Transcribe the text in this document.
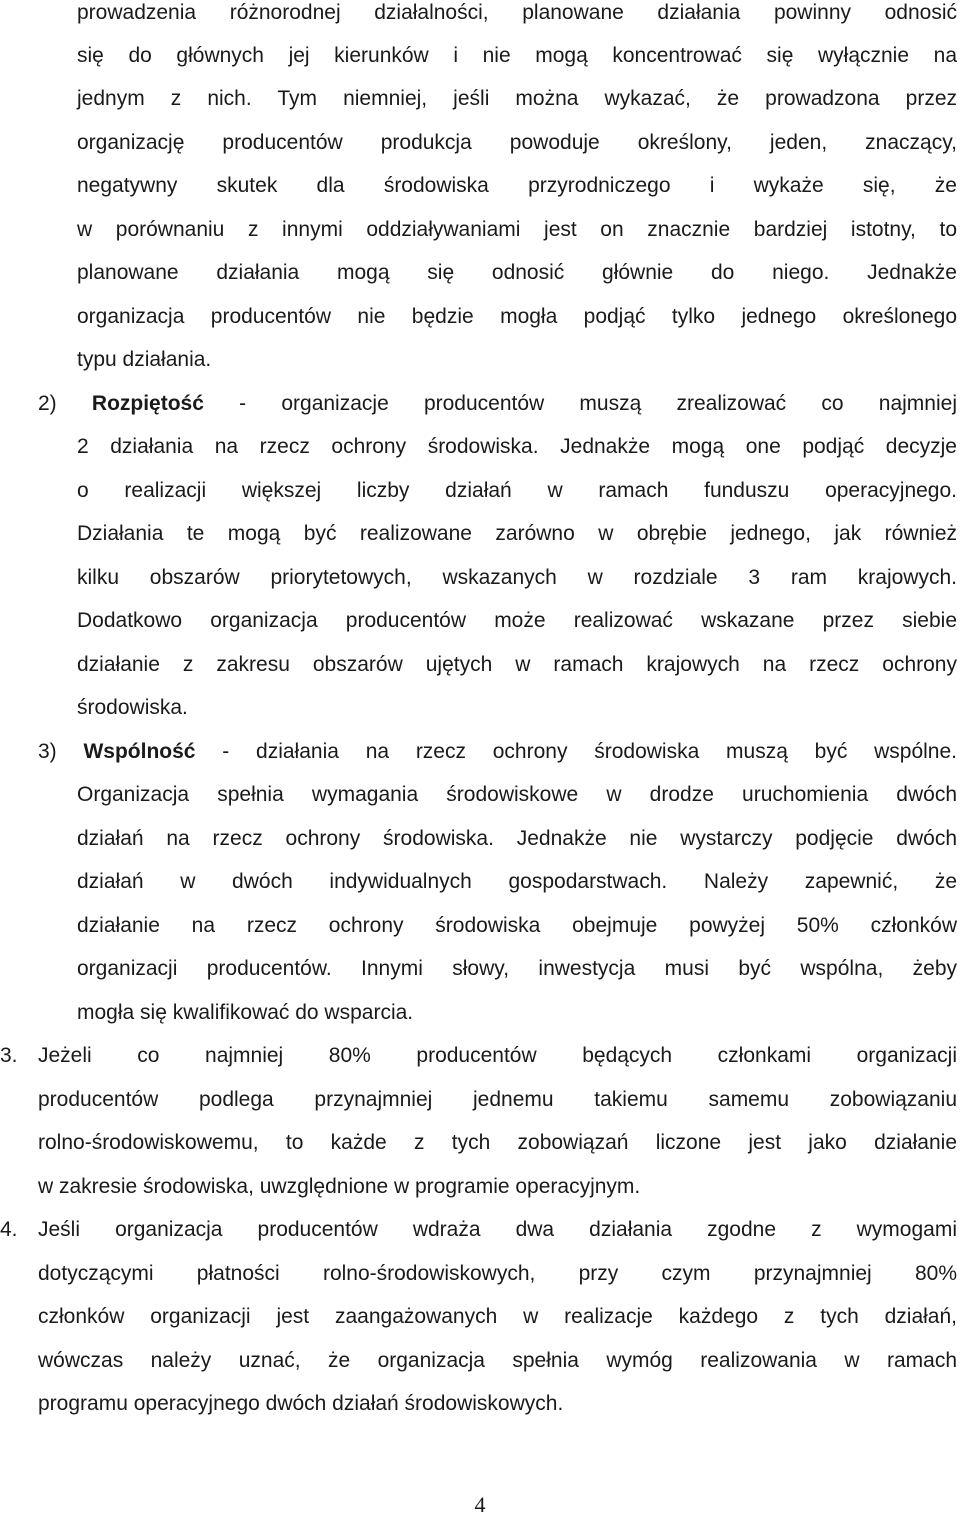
prowadzenia różnorodnej działalności, planowane działania powinny odnosić

się do głównych jej kierunków i nie mogą koncentrować się wyłącznie na

jednym z nich. Tym niemniej, jeśli można wykazać, że prowadzona przez

organizację producentów produkcja powoduje określony, jeden, znaczący,

negatywny skutek dla środowiska przyrodniczego i wykaże się, że

w porównaniu z innymi oddziaływaniami jest on znacznie bardziej istotny, to

planowane działania mogą się odnosić głównie do niego. Jednakże

organizacja producentów nie będzie mogła podjąć tylko jednego określonego

typu działania.

2) Rozpiętość - organizacje producentów muszą zrealizować co najmniej

2 działania na rzecz ochrony środowiska. Jednakże mogą one podjąć decyzje

o realizacji większej liczby działań w ramach funduszu operacyjnego.

Działania te mogą być realizowane zarówno w obrębie jednego, jak również

kilku obszarów priorytetowych, wskazanych w rozdziale 3 ram krajowych.

Dodatkowo organizacja producentów może realizować wskazane przez siebie

działanie z zakresu obszarów ujętych w ramach krajowych na rzecz ochrony

środowiska.

3) Wspólność - działania na rzecz ochrony środowiska muszą być wspólne.

Organizacja spełnia wymagania środowiskowe w drodze uruchomienia dwóch

działań na rzecz ochrony środowiska. Jednakże nie wystarczy podjęcie dwóch

działań w dwóch indywidualnych gospodarstwach. Należy zapewnić, że

działanie na rzecz ochrony środowiska obejmuje powyżej 50% członków

organizacji producentów. Innymi słowy, inwestycja musi być wspólna, żeby

mogła się kwalifikować do wsparcia.

3. Jeżeli co najmniej 80% producentów będących członkami organizacji

producentów podlega przynajmniej jednemu takiemu samemu zobowiązaniu

rolno-środowiskowemu, to każde z tych zobowiązań liczone jest jako działanie

w zakresie środowiska, uwzględnione w programie operacyjnym.

4. Jeśli organizacja producentów wdraża dwa działania zgodne z wymogami

dotyczącymi płatności rolno-środowiskowych, przy czym przynajmniej 80%

członków organizacji jest zaangażowanych w realizacje każdego z tych działań,

wówczas należy uznać, że organizacja spełnia wymóg realizowania w ramach

programu operacyjnego dwóch działań środowiskowych.

4
